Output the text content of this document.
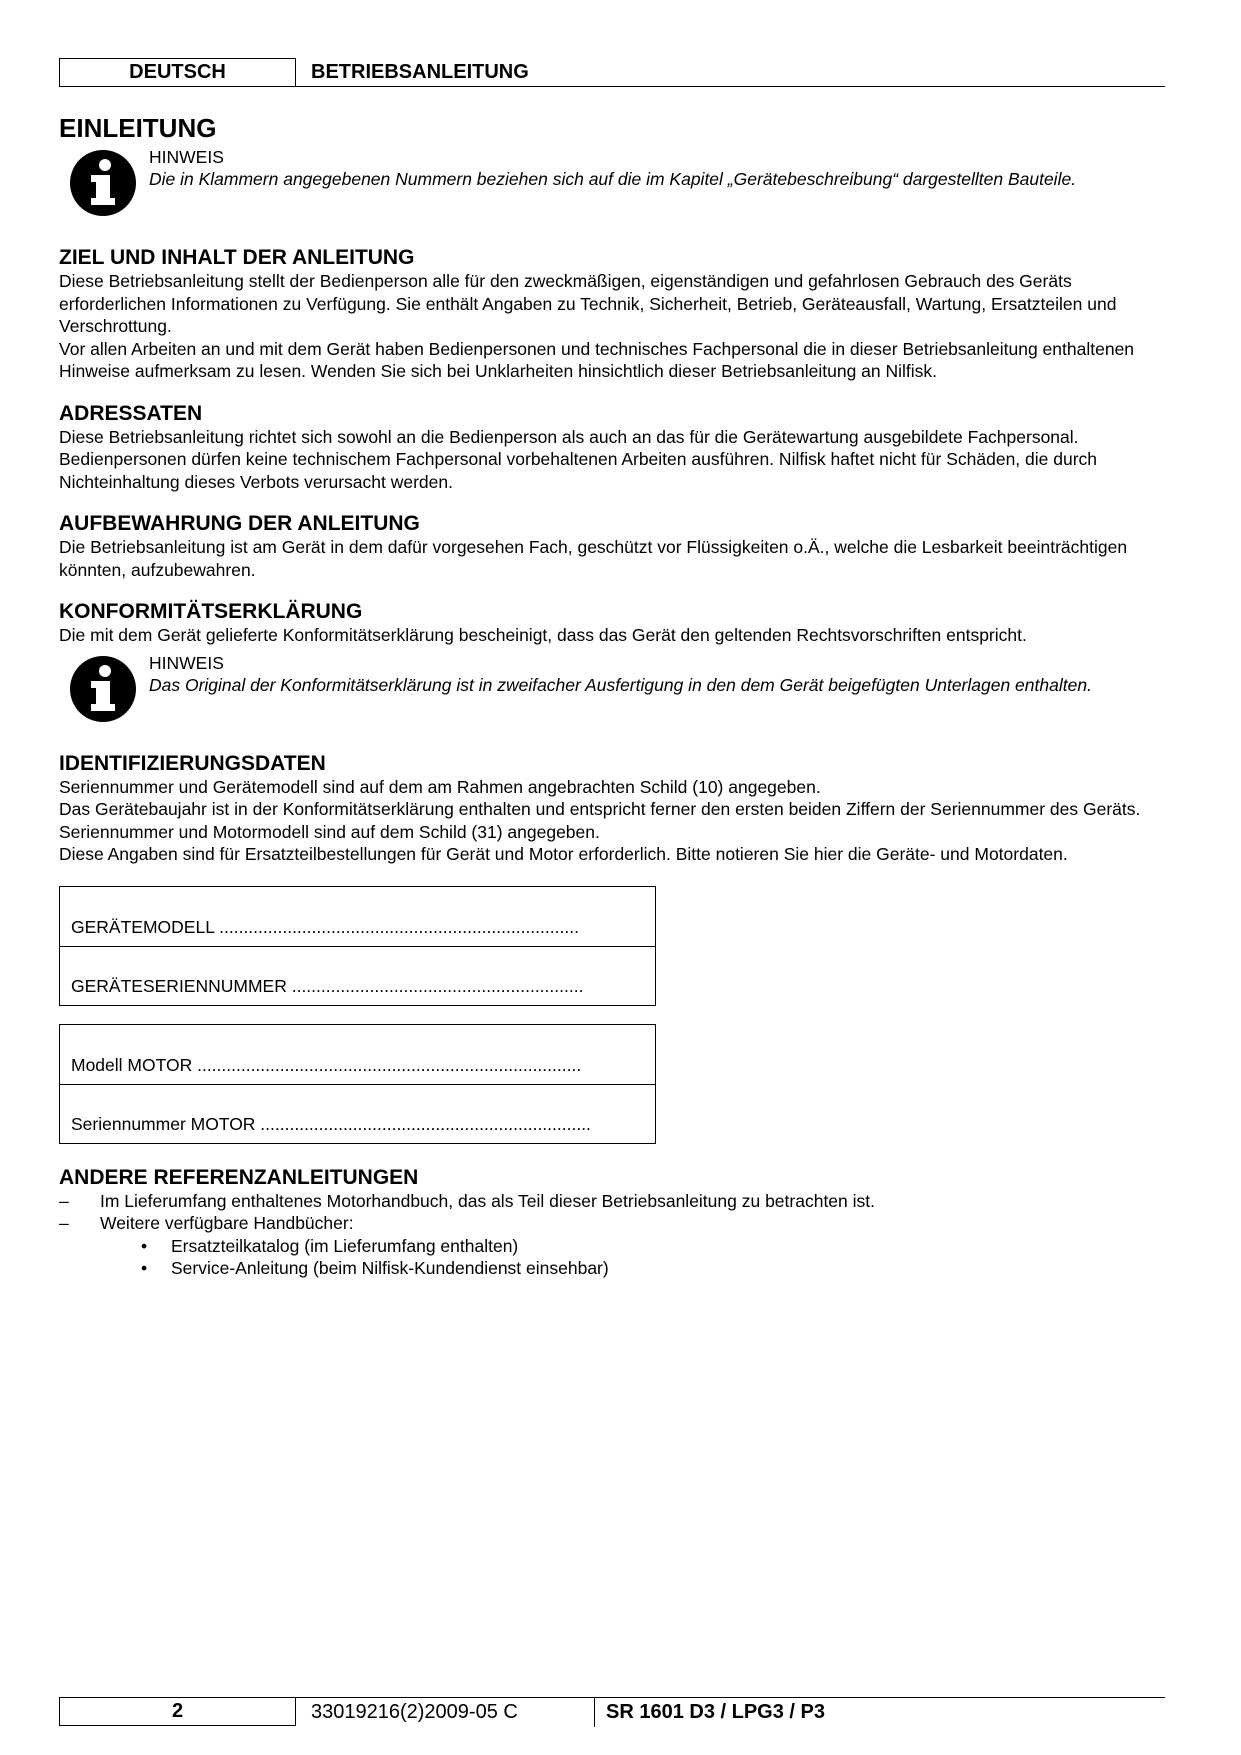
DEUTSCH	BETRIEBSANLEITUNG
EINLEITUNG
HINWEIS
Die in Klammern angegebenen Nummern beziehen sich auf die im Kapitel „Gerätebeschreibung“ dargestellten Bauteile.
ZIEL UND INHALT DER ANLEITUNG

Diese Betriebsanleitung stellt der Bedienperson alle für den zweckmäßigen, eigenständigen und gefahrlosen Gebrauch des Geräts erforderlichen Informationen zu Verfügung. Sie enthält Angaben zu Technik, Sicherheit, Betrieb, Geräteausfall, Wartung, Ersatzteilen und Verschrottung.

Vor allen Arbeiten an und mit dem Gerät haben Bedienpersonen und technisches Fachpersonal die in dieser Betriebsanleitung enthaltenen Hinweise aufmerksam zu lesen. Wenden Sie sich bei Unklarheiten hinsichtlich dieser Betriebsanleitung an Nilfisk.

ADRESSATEN

Diese Betriebsanleitung richtet sich sowohl an die Bedienperson als auch an das für die Gerätewartung ausgebildete Fachpersonal. Bedienpersonen dürfen keine technischem Fachpersonal vorbehaltenen Arbeiten ausführen. Nilfisk haftet nicht für Schäden, die durch Nichteinhaltung dieses Verbots verursacht werden.

AUFBEWAHRUNG DER ANLEITUNG

Die Betriebsanleitung ist am Gerät in dem dafür vorgesehen Fach, geschützt vor Flüssigkeiten o.Ä., welche die Lesbarkeit beeinträchtigen könnten, aufzubewahren.

KONFORMITÄTSERKLÄRUNG

Die mit dem Gerät gelieferte Konformitätserklärung bescheinigt, dass das Gerät den geltenden Rechtsvorschriften entspricht.

HINWEIS
Das Original der Konformitätserklärung ist in zweifacher Ausfertigung in den dem Gerät beigefügten Unterlagen enthalten.
IDENTIFIZIERUNGSDATEN

Seriennummer und Gerätemodell sind auf dem am Rahmen angebrachten Schild (10) angegeben.

Das Gerätebaujahr ist in der Konformitätserklärung enthalten und entspricht ferner den ersten beiden Ziffern der Seriennummer des Geräts.

Seriennummer und Motormodell sind auf dem Schild (31) angegeben.

Diese Angaben sind für Ersatzteilbestellungen für Gerät und Motor erforderlich. Bitte notieren Sie hier die Geräte- und Motordaten.

GERÄTEMODELL ..........................................................................
GERÄTESERIENNUMMER ............................................................
Modell MOTOR ...............................................................................
Seriennummer MOTOR ....................................................................
ANDERE REFERENZANLEITUNGEN
– Im Lieferumfang enthaltenes Motorhandbuch, das als Teil dieser Betriebsanleitung zu betrachten ist.
– Weitere verfügbare Handbücher:
• Ersatzteilkatalog (im Lieferumfang enthalten)
• Service-Anleitung (beim Nilfisk-Kundendienst einsehbar)
2	33019216(2)2009-05 C	SR 1601 D3 / LPG3 / P3
